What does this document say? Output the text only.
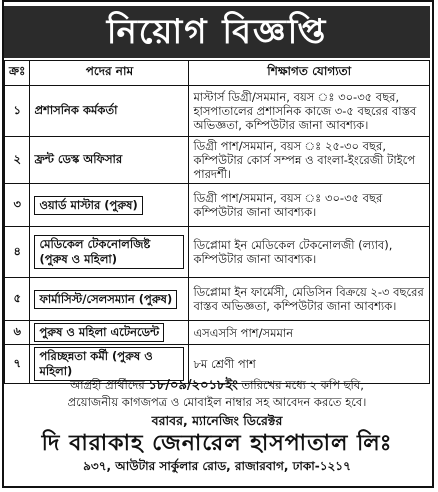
নিয়োগ বিজ্ঞপ্তি
ক্রঃ	পদের নাম	শিক্ষাগত যোগ্যতা
১	প্রশাসনিক কর্মকর্তা	মাস্টার্স ডিগ্রী/সমমান, বয়স ঃ ৩০-৩৫ বছর, হাসপাতালের প্রশাসনিক কাজে ৩-৫ বছরের বাস্তব অভিজ্ঞতা, কম্পিউটার জানা আবশ্যক।
২	ফ্রন্ট ডেস্ক অফিসার	ডিগ্রী পাশ/সমমান, বয়স ঃ ২৫-৩০ বছর, কম্পিউটার কোর্স সম্পন্ন ও বাংলা-ইংরেজী টাইপে পারদর্শী।
৩	ওয়ার্ড মাস্টার (পুরুষ)	ডিগ্রী পাশ/সমমান, বয়স ঃ ৩০-৩৫ বছর কম্পিউটার জানা আবশ্যক।
৪	মেডিকেল টেকনোলজিষ্ট (পুরুষ ও মহিলা)	ডিপ্লোমা ইন মেডিকেল টেকনোলজী (ল্যাব), কম্পিউটার জানা আবশ্যক।
৫	ফার্মাসিস্ট/সেলসম্যান (পুরুষ)	ডিপ্লোমা ইন ফার্মেসী, মেডিসিন বিক্রয়ে ২-৩ বছরের বাস্তব অভিজ্ঞতা, কম্পিউটার জানা আবশ্যক।
৬	পুরুষ ও মহিলা এটেনডেন্ট	এসএসসি পাশ/সমমান
৭	পরিচ্ছন্নতা কর্মী (পুরুষ ও মহিলা)	৮ম শ্রেণী পাশ
আগ্রহী প্রার্থীদের ১৮/০৯/২০১৮ইং তারিখের মধ্যে ২ কপি ছবি,
প্রয়োজনীয় কাগজপত্র ও মোবাইল নাম্বার সহ আবেদন করতে হবে।
বরাবর, ম্যানেজিং ডিরেক্টর
দি বারাকাহ জেনারেল হাসপাতাল লিঃ
৯৩৭, আউটার সার্কুলার রোড, রাজারবাগ, ঢাকা-১২১৭
